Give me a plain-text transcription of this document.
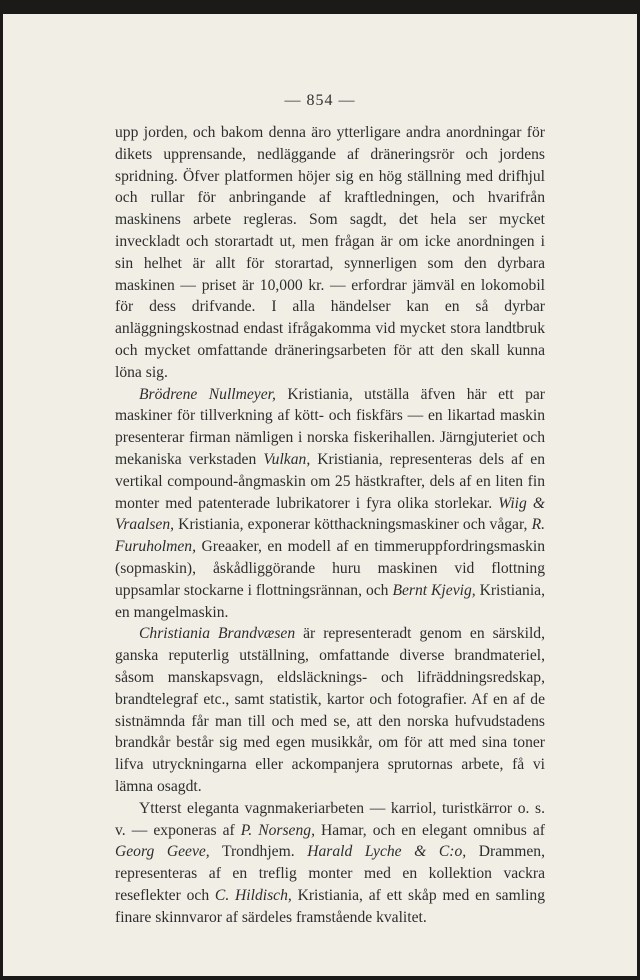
— 854 —

upp jorden, och bakom denna äro ytterligare andra anordningar för dikets upprensande, nedläggande af dräneringsrör och jordens spridning. Öfver platformen höjer sig en hög ställning med drifhjul och rullar för anbringande af kraftledningen, och hvarifrån maskinens arbete regleras. Som sagdt, det hela ser mycket inveckladt och storartadt ut, men frågan är om icke anordningen i sin helhet är allt för storartad, synnerligen som den dyrbara maskinen — priset är 10,000 kr. — erfordrar jämväl en lokomobil för dess drifvande. I alla händelser kan en så dyrbar anläggningskostnad endast ifrågakomma vid mycket stora landtbruk och mycket omfattande dräneringsarbeten för att den skall kunna löna sig.

Brödrene Nullmeyer, Kristiania, utställa äfven här ett par maskiner för tillverkning af kött- och fiskfärs — en likartad maskin presenterar firman nämligen i norska fiskerihallen. Järngjuteriet och mekaniska verkstaden Vulkan, Kristiania, representeras dels af en vertikal compound-ångmaskin om 25 hästkrafter, dels af en liten fin monter med patenterade lubrikatorer i fyra olika storlekar. Wiig & Vraalsen, Kristiania, exponerar kötthackningsmaskiner och vågar, R. Furuholmen, Greaaker, en modell af en timmeruppfordringsmaskin (sopmaskin), åskådliggörande huru maskinen vid flottning uppsamlar stockarne i flottningsrännan, och Bernt Kjevig, Kristiania, en mangelmaskin.

Christiania Brandvæsen är representeradt genom en särskild, ganska reputerlig utställning, omfattande diverse brandmateriel, såsom manskapsvagn, eldsläcknings- och lifräddningsredskap, brandtelegraf etc., samt statistik, kartor och fotografier. Af en af de sistnämnda får man till och med se, att den norska hufvudstadens brandkår består sig med egen musikkår, om för att med sina toner lifva utryckningarna eller ackompanjera sprutornas arbete, få vi lämna osagdt.

Ytterst eleganta vagnmakeriarbeten — karriol, turistkärror o. s. v. — exponeras af P. Norseng, Hamar, och en elegant omnibus af Georg Geeve, Trondhjem. Harald Lyche & C:o, Drammen, representeras af en treflig monter med en kollektion vackra reseflekter och C. Hildisch, Kristiania, af ett skåp med en samling finare skinnvaror af särdeles framstående kvalitet.
